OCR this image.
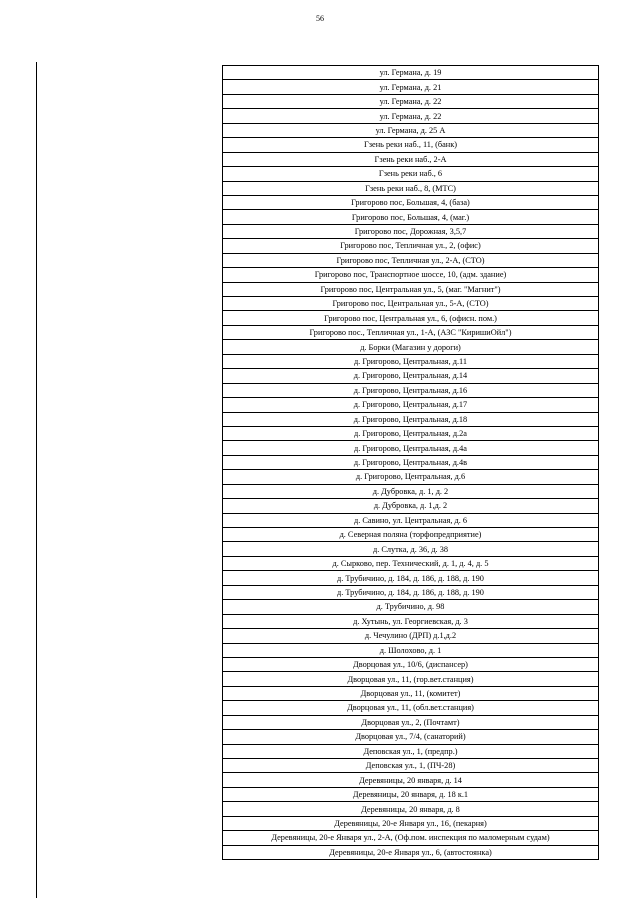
56
ул. Германа, д. 19
ул. Германа, д. 21
ул. Германа, д. 22
ул. Германа, д. 22
ул. Германа, д. 25 А
Гзень реки наб., 11, (банк)
Гзень реки наб., 2-А
Гзень реки наб., 6
Гзень реки наб., 8, (МТС)
Григорово пос, Большая, 4, (база)
Григорово пос, Большая, 4, (маг.)
Григорово пос, Дорожная, 3,5,7
Григорово пос, Тепличная ул., 2, (офис)
Григорово пос, Тепличная ул., 2-А, (СТО)
Григорово пос, Транспортное шоссе, 10, (адм. здание)
Григорово пос, Центральная ул., 5, (маг. "Магнит")
Григорово пос, Центральная ул., 5-А, (СТО)
Григорово пос, Центральная ул., 6, (офисн. пом.)
Григорово пос., Тепличная ул., 1-А, (АЗС "КиришиОйл")
д. Борки (Магазин у дороги)
д. Григорово, Центральная, д.11
д. Григорово, Центральная, д.14
д. Григорово, Центральная, д.16
д. Григорово, Центральная, д.17
д. Григорово, Центральная, д.18
д. Григорово, Центральная, д.2а
д. Григорово, Центральная, д.4а
д. Григорово, Центральная, д.4в
д. Григорово, Центральная, д.6
д. Дубровка, д. 1, д. 2
д. Дубровка, д. 1,д. 2
д. Савино, ул. Центральная, д. 6
д. Северная поляна (торфопредприятие)
д. Слутка, д. 36, д. 38
д. Сырково, пер. Технический, д. 1, д. 4, д. 5
д. Трубичино, д. 184, д. 186, д. 188, д. 190
д. Трубичино, д. 184, д. 186, д. 188, д. 190
д. Трубичино, д. 98
д. Хутынь, ул. Георгиевская, д. 3
д. Чечулино (ДРП) д.1,д.2
д. Шолохово, д. 1
Дворцовая ул., 10/6, (диспансер)
Дворцовая ул., 11, (гор.вет.станция)
Дворцовая ул., 11, (комитет)
Дворцовая ул., 11, (обл.вет.станция)
Дворцовая ул., 2, (Почтамт)
Дворцовая ул., 7/4, (санаторий)
Деповская ул., 1, (предпр.)
Деповская ул., 1, (ПЧ-28)
Деревяницы, 20 января, д. 14
Деревяницы, 20 января, д. 18 к.1
Деревяницы, 20 января, д. 8
Деревяницы, 20-е Января ул., 16, (пекарня)
Деревяницы, 20-е Января ул., 2-А, (Оф.пом. инспекция по маломерным судам)
Деревяницы, 20-е Января ул., 6, (автостоянка)
